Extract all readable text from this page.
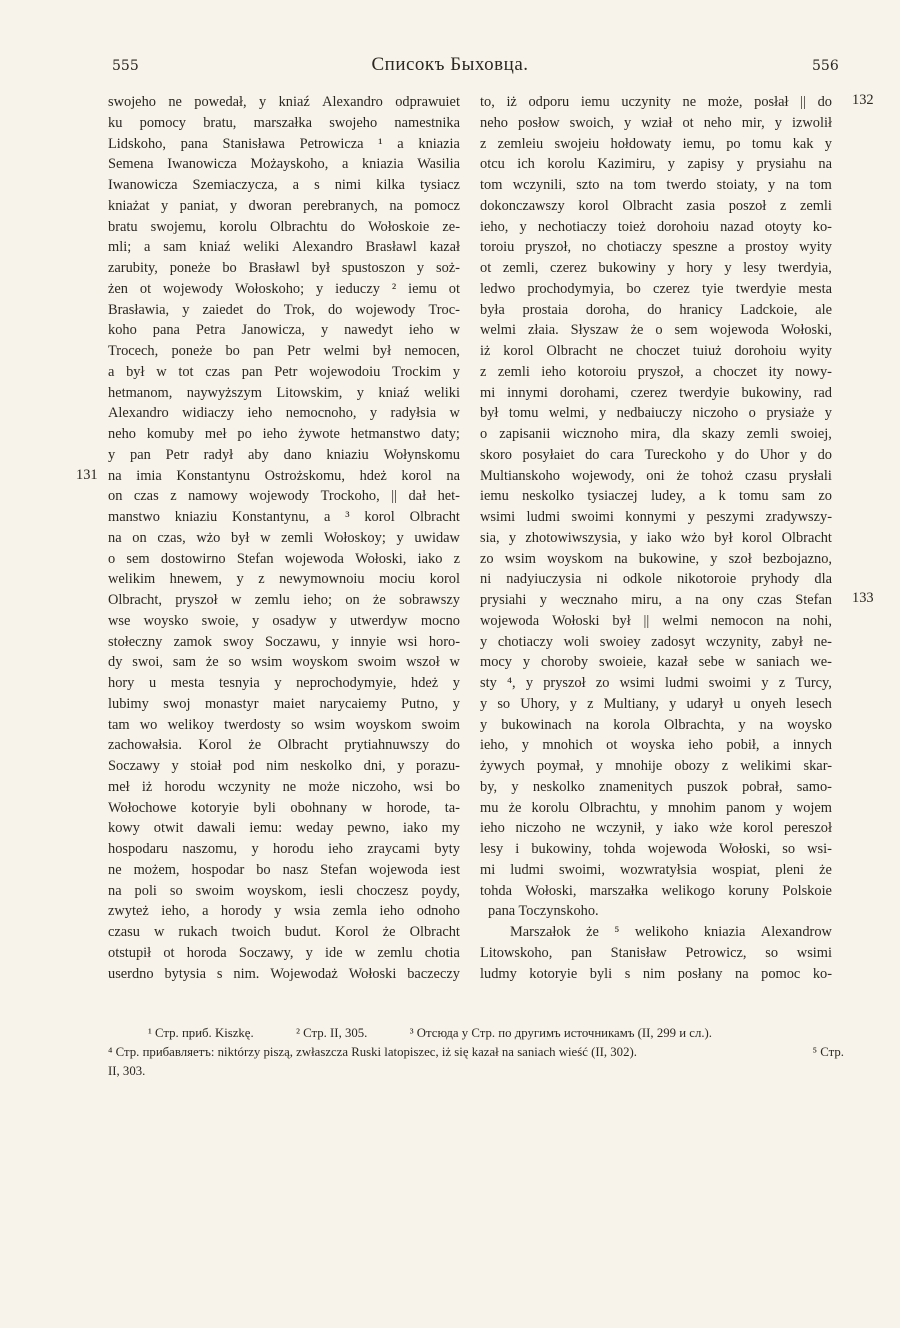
555	Списокъ Быховца.	556
131
132
133
swojeho ne powedał, y kniaź Alexandro odprawuiet
ku pomocy bratu, marszałka swojeho namestnika
Lidskoho, pana Stanisława Petrowicza ¹ a kniazia
Semena Iwanowicza Możayskoho, a kniazia Wasilia
Iwanowicza Szemiaczycza, a s nimi kilka tysiacz
kniażat y paniat, y dworan perebranych, na pomocz
bratu swojemu, korolu Olbrachtu do Wołoskoie ze-
mli; a sam kniaź weliki Alexandro Brasławl kazał
zarubity, poneże bo Brasławl był spustoszon y soż-
żen ot wojewody Wołoskoho; y ieduczy ² iemu ot
Brasławia, y zaiedet do Trok, do wojewody Troc-
koho pana Petra Janowicza, y nawedyt ieho w
Trocech, poneże bo pan Petr welmi był nemocen,
a był w tot czas pan Petr wojewodoiu Trockim y
hetmanom, naywyższym Litowskim, y kniaź weliki
Alexandro widiaczy ieho nemocnoho, y radyłsia w
neho komuby meł po ieho żywote hetmanstwo daty;
y pan Petr radył aby dano kniaziu Wołynskomu
na imia Konstantynu Ostrożskomu, hdeż korol na
on czas z namowy wojewody Trockoho, || dał het-
manstwo kniaziu Konstantynu, a ³ korol Olbracht
na on czas, wżo był w zemli Wołoskoy; y uwidaw
o sem dostowirno Stefan wojewoda Wołoski, iako z
welikim hnewem, y z newymownoiu mociu korol
Olbracht, pryszoł w zemlu ieho; on że sobrawszy
wse woysko swoie, y osadyw y utwerdyw mocno
stołeczny zamok swoy Soczawu, y innyie wsi horo-
dy swoi, sam że so wsim woyskom swoim wszoł w
hory u mesta tesnyia y neprochodymyie, hdeż y
lubimy swoj monastyr maiet narycaiemy Putno, y
tam wo welikoy twerdosty so wsim woyskom swoim
zachowałsia. Korol że Olbracht prytiahnuwszy do
Soczawy y stoiał pod nim neskolko dni, y porazu-
meł iż horodu wczynity ne może niczoho, wsi bo
Wołochowe kotoryie byli obohnany w horode, ta-
kowy otwit dawali iemu: weday pewno, iako my
hospodaru naszomu, y horodu ieho zraycami byty
ne możem, hospodar bo nasz Stefan wojewoda iest
na poli so swoim woyskom, iesli choczesz poydy,
zwyteż ieho, a horody y wsia zemla ieho odnoho
czasu w rukach twoich budut. Korol że Olbracht
otstupił ot horoda Soczawy, y ide w zemlu chotia
userdno bytysia s nim. Wojewodaż Wołoski baczeczy
to, iż odporu iemu uczynity ne może, posłał || do
neho posłow swoich, y wział ot neho mir, y izwolił
z zemleiu swojeiu hołdowaty iemu, po tomu kak y
otcu ich korolu Kazimiru, y zapisy y prysiahu na
tom wczynili, szto na tom twerdo stoiaty, y na tom
dokonczawszy korol Olbracht zasia poszoł z zemli
ieho, y nechotiaczy toież dorohoiu nazad otoyty ko-
toroiu pryszoł, no chotiaczy speszne a prostoy wyity
ot zemli, czerez bukowiny y hory y lesy twerdyia,
ledwo prochodymyia, bo czerez tyie twerdyie mesta
była prostaia doroha, do hranicy Ladckoie, ale
welmi złaia. Słyszaw że o sem wojewoda Wołoski,
iż korol Olbracht ne choczet tuiuż dorohoiu wyity
z zemli ieho kotoroiu pryszoł, a choczet ity nowy-
mi innymi dorohami, czerez twerdyie bukowiny, rad
był tomu welmi, y nedbaiuczy niczoho o prysiaże y
o zapisanii wicznoho mira, dla skazy zemli swoiej,
skoro posyłaiet do cara Tureckoho y do Uhor y do
Multianskoho wojewody, oni że tohoż czasu prysłali
iemu neskolko tysiaczej ludey, a k tomu sam zo
wsimi ludmi swoimi konnymi y peszymi zradywszy-
sia, y zhotowiwszysia, y iako wżo był korol Olbracht
zo wsim woyskom na bukowine, y szoł bezbojazno,
ni nadyiuczysia ni odkole nikotoroie pryhody dla
prysiahi y wecznaho miru, a na ony czas Stefan
wojewoda Wołoski był || welmi nemocon na nohi,
y chotiaczy woli swoiey zadosyt wczynity, zabył ne-
mocy y choroby swoieie, kazał sebe w saniach we-
sty ⁴, y pryszoł zo wsimi ludmi swoimi y z Turcy,
y so Uhory, y z Multiany, y udarył u onyeh lesech
y bukowinach na korola Olbrachta, y na woysko
ieho, y mnohich ot woyska ieho pobił, a innych
żywych poymał, y mnohije obozy z welikimi skar-
by, y neskolko znamenitych puszok pobrał, samo-
mu że korolu Olbrachtu, y mnohim panom y wojem
ieho niczoho ne wczynił, y iako wże korol pereszoł
lesy i bukowiny, tohda wojewoda Wołoski, so wsi-
mi ludmi swoimi, wozwratyłsia wospiat, pleni że
tohda Wołoski, marszałka welikogo koruny Polskoie
pana Toczynskoho.
Marszałok że ⁵ welikoho kniazia Alexandrow
Litowskoho, pan Stanisław Petrowicz, so wsimi
ludmy kotoryie byli s nim posłany na pomoc ko-
¹ Стр. приб. Kiszkę.	² Стр. II, 305.	³ Отсюда у Стр. по другимъ источникамъ (II, 299 и сл.).
⁴ Стр. прибавляетъ: niktórzy piszą, zwłaszcza Ruski latopiszec, iż się kazał na saniach wieść (II, 302).	⁵ Стр.
II, 303.
